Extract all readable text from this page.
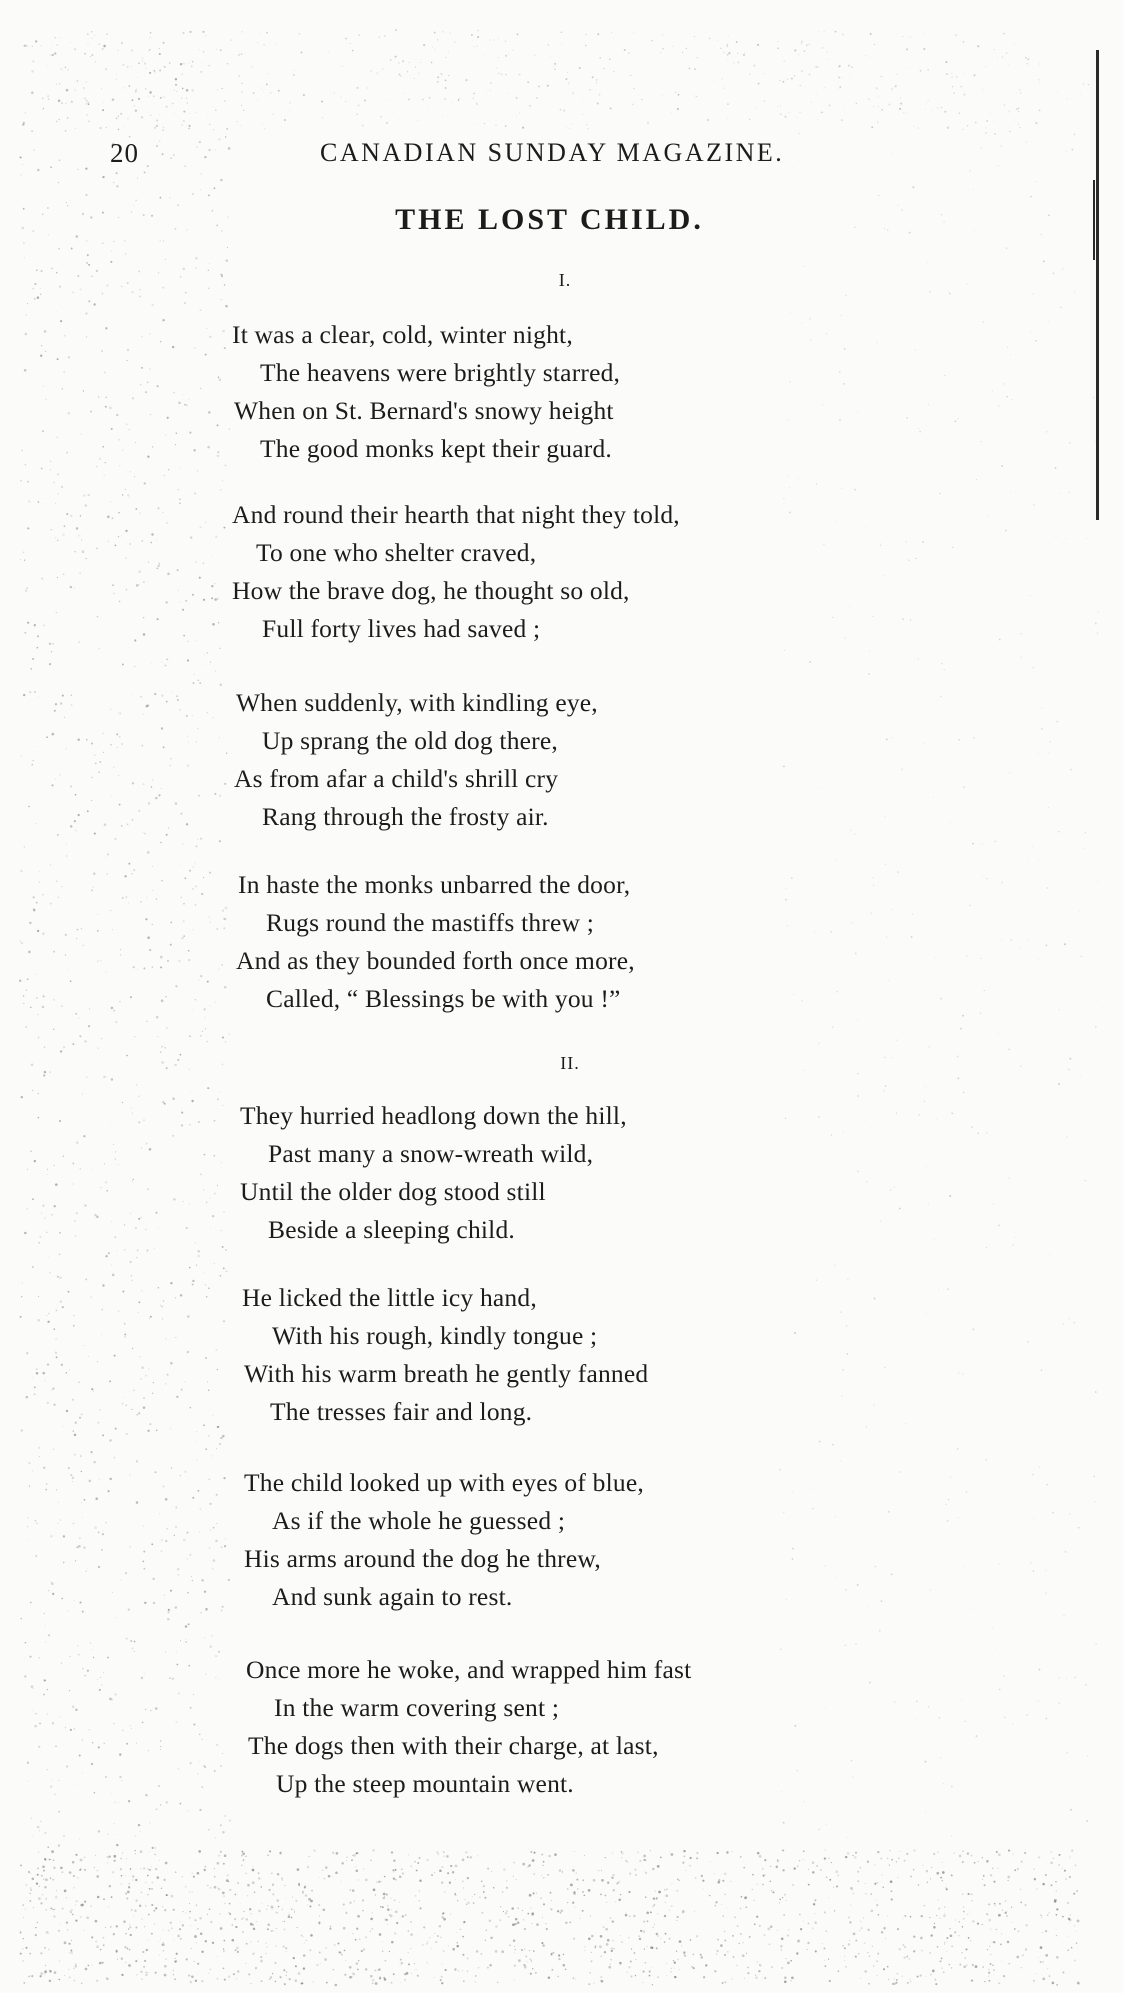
20	CANADIAN SUNDAY MAGAZINE.
THE LOST CHILD.
I.
It was a clear, cold, winter night,
The heavens were brightly starred,
When on St. Bernard's snowy height
The good monks kept their guard.
And round their hearth that night they told,
To one who shelter craved,
How the brave dog, he thought so old,
Full forty lives had saved ;
When suddenly, with kindling eye,
Up sprang the old dog there,
As from afar a child's shrill cry
Rang through the frosty air.
In haste the monks unbarred the door,
Rugs round the mastiffs threw ;
And as they bounded forth once more,
Called, “ Blessings be with you !”
II.
They hurried headlong down the hill,
Past many a snow-wreath wild,
Until the older dog stood still
Beside a sleeping child.
He licked the little icy hand,
With his rough, kindly tongue ;
With his warm breath he gently fanned
The tresses fair and long.
The child looked up with eyes of blue,
As if the whole he guessed ;
His arms around the dog he threw,
And sunk again to rest.
Once more he woke, and wrapped him fast
In the warm covering sent ;
The dogs then with their charge, at last,
Up the steep mountain went.
